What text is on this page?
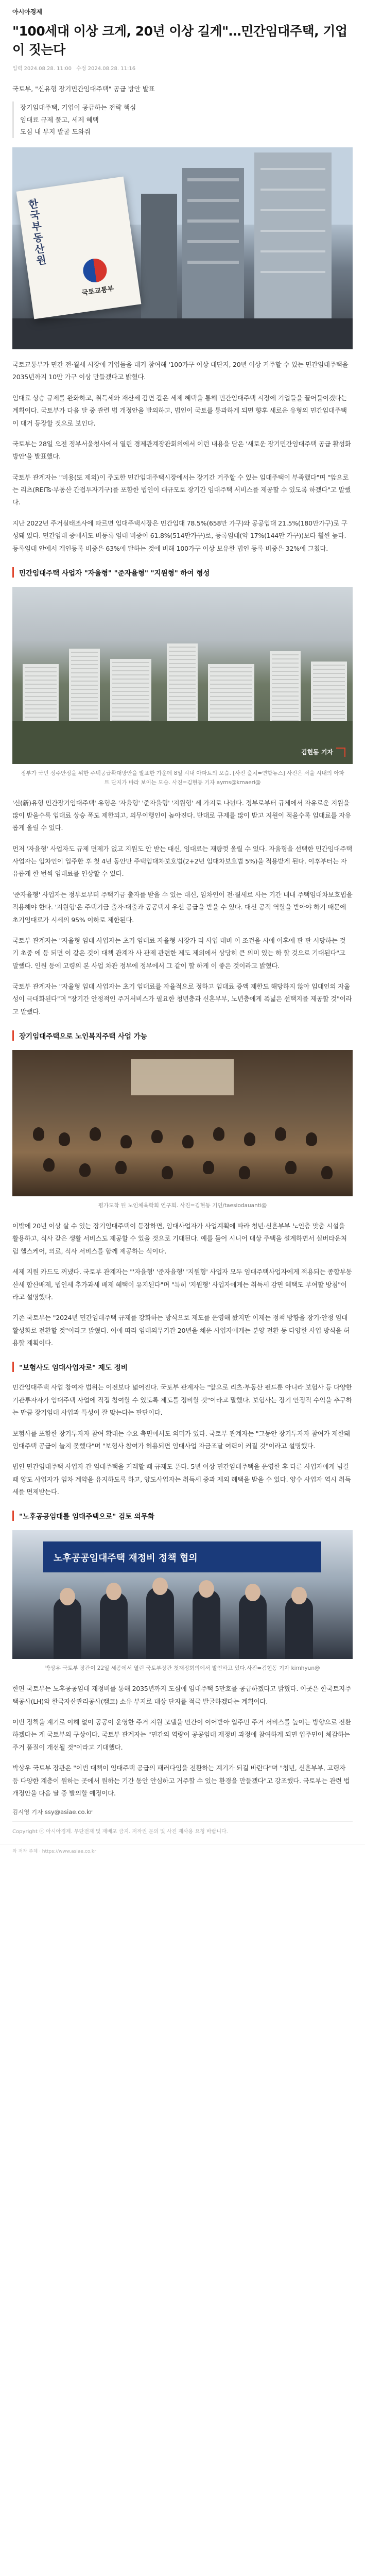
아시아경제
"100세대 이상 크게, 20년 이상 길게"…민간임대주택, 기업이 짓는다
입력 2024.08.28. 11:00 수정 2024.08.28. 11:16
국토부, "신유형 장기민간임대주택" 공급 방안 발표
장기임대주택, 기업이 공급하는 전략 핵심
임대료 규제 풀고, 세제 혜택
도심 내 부지 발굴 도와줘
한국부동산원
국토교통부

국토교통부가 민간 전·월세 시장에 기업들을 대거 참여해 '100가구 이상 대단지, 20년 이상 거주할 수 있는 민간임대주택을 2035년까지 10만 가구 이상 만들겠다고 밝혔다.

임대료 상승 규제를 완화하고, 취득세와 재산세 감면 같은 세제 혜택을 통해 민간임대주택 시장에 기업들을 끌어들이겠다는 계획이다. 국토부가 다음 달 중 관련 법 개정안을 발의하고, 법인이 국토를 통과하게 되면 향후 새로운 유형의 민간임대주택이 대거 등장할 것으로 보인다.

국토부는 28일 오전 정부서울청사에서 열린 경제관계장관회의에서 이런 내용을 담은 '새로운 장기민간임대주택 공급 활성화 방안'을 발표했다.

국토부 관계자는 "비용(또 제외)이 주도한 민간임대주택시장에서는 장기간 거주할 수 있는 임대주택이 부족했다"며 "앞으로는 리츠(REITs·부동산 간접투자기구)를 포함한 법인이 대규모로 장기간 임대주택 서비스를 제공할 수 있도록 하겠다"고 말했다.

지난 2022년 주거실태조사에 따르면 임대주택시장은 민간임대 78.5%(658만 가구)와 공공임대 21.5%(180만가구)로 구성돼 있다. 민간임대 중에서도 비등록 임대 비중이 61.8%(514만가구)로, 등록임대(약 17%(144만 가구))보다 훨씬 높다. 등록임대 안에서 개인등록 비중은 63%에 달하는 것에 비해 100가구 이상 보유한 법인 등록 비중은 32%에 그쳤다.

민간임대주택 사업자 "자율형" "준자율형" "지원형" 하여 형성
김현동 기자
정부가 국민 정주안정을 위한 주택공급확대방안을 발표한 가운데 8일 시내 아파트의 모습. [사진 출처=연합뉴스] 사진은 서울 시내의 아파트 단지가 바라 보이는 모습. 사진=김현동 기자 ayms@kmaeri@

'신(新)유형 민간장기임대주택' 유형은 '자율형' '준자율형' '지원형' 세 가지로 나뉜다. 정부로부터 규제에서 자유로운 지원을 많이 받을수록 임대료 상승 폭도 제한되고, 의무이행인이 높아진다. 반대로 규제를 많이 받고 지원이 적을수록 임대료를 자유롭게 올릴 수 있다.

먼저 '자율형' 사업자도 규제 면제가 없고 지원도 안 받는 대신, 임대료는 재량껏 올릴 수 있다. 자율형을 선택한 민간임대주택 사업자는 임차인이 입주한 후 첫 4년 동안만 주택임대차보호법(2+2년 임대차보호법 5%)을 적용받게 된다. 이후부터는 자유롭게 한 번씩 임대료를 인상할 수 있다.

'준자율형' 사업자는 정부로부터 주택기금 출자를 받을 수 있는 대신, 임차인이 전·월세로 사는 기간 내내 주택임대차보호법을 적용해야 한다. '지원형'은 주택기금 출자·대출과 공공택지 우선 공급을 받을 수 있다. 대신 공적 역할을 받아야 하기 때문에 초기임대료가 시세의 95% 이하로 제한된다.

국토부 관계자는 "자율형 임대 사업자는 초기 임대료 자율형 시장가 리 사업 대비 이 조건을 시에 이후에 관 관 시당하는 것 기 초중 에 등 되면 이 같은 것이 대책 관계자 사 관제 관련한 제도 제외에서 상당히 큰 의미 있는 하 할 것으로 기대된다"고 말했다. 인원 등에 고령의 본 사업 차관 정부에 정부에서 그 같이 할 하게 이 좋은 것이라고 밝혔다.

국토부 관계자는 "자율형 임대 사업자는 초기 임대료를 자율적으로 정하고 임대료 증액 제한도 해당하지 않아 임대인의 자율성이 극대화된다"며 "장기간 안정적인 주거서비스가 필요한 청년층과 신혼부부, 노년층에게 폭넓은 선택지를 제공할 것"이라고 말했다.

장기임대주택으로 노인복지주택 사업 가능
평가도착 된 노인체육학회 연구회. 사진=김현동 기인/taesiodauanti@

이밖에 20년 이상 살 수 있는 장기임대주택이 등장하면, 임대사업자가 사업계획에 따라 청년·신혼부부 노인층 맞춤 시설을 활용하고, 식사 같은 생활 서비스도 제공할 수 있을 것으로 기대된다. 예를 들어 시니어 대상 주택을 설계하면서 실버타운처럼 헬스케어, 의료, 식사 서비스를 함께 제공하는 식이다.

세제 지원 카드도 꺼냈다. 국토부 관계자는 "'자율형' '준자율형' '지원형' 사업자 모두 임대주택사업자에게 적용되는 종합부동산세 합산배제, 법인세 추가과세 배제 혜택이 유지된다"며 "특히 '지원형' 사업자에게는 취득세 감면 혜택도 부여할 방침"이라고 설명했다.

기존 국토부는 "2024년 민간임대주택 규제를 강화하는 방식으로 제도를 운영해 왔지만 이제는 정책 방향을 장기·안정 임대 활성화로 전환할 것"이라고 밝혔다. 이에 따라 임대의무기간 20년을 채운 사업자에게는 분양 전환 등 다양한 사업 방식을 허용할 계획이다.

"보험사도 임대사업자로" 제도 정비

민간임대주택 사업 참여자 범위는 이전보다 넓어진다. 국토부 관계자는 "앞으로 리츠·부동산 펀드뿐 아니라 보험사 등 다양한 기관투자자가 임대주택 사업에 직접 참여할 수 있도록 제도를 정비할 것"이라고 말했다. 보험사는 장기 안정적 수익을 추구하는 만큼 장기임대 사업과 특성이 잘 맞는다는 판단이다.

보험사를 포함한 장기투자자 참여 확대는 수요 측면에서도 의미가 있다. 국토부 관계자는 "그동안 장기투자자 참여가 제한돼 임대주택 공급이 늘지 못했다"며 "보험사 참여가 허용되면 임대사업 자금조달 여력이 커질 것"이라고 설명했다.

법인 민간임대주택 사업자 간 임대주택을 거래할 때 규제도 푼다. 5년 이상 민간임대주택을 운영한 후 다른 사업자에게 넘길 때 양도 사업자가 임차 계약을 유지하도록 하고, 양도사업자는 취득세 중과 제외 혜택을 받을 수 있다. 양수 사업자 역시 취득세를 면제받는다.

"노후공공임대를 임대주택으로" 검토 의무화
노후공공임대주택 재정비 정책 협의
박상우 국토부 장관이 22일 세종에서 열린 국토부장관 첫재정회의에서 발언하고 있다.사진=김현동 기자 kimhyun@

한편 국토부는 노후공공임대 재정비를 통해 2035년까지 도심에 임대주택 5만호를 공급하겠다고 밝혔다. 이곳은 한국토지주택공사(LH)와 한국자산관리공사(캠코) 소유 부지로 대상 단지를 적극 발굴하겠다는 계획이다.

이번 정책을 계기로 이해 없이 공공이 운영한 주거 지원 모델을 민간이 이어받아 입주민 주거 서비스를 높이는 방향으로 전환하겠다는 게 국토부의 구상이다. 국토부 관계자는 "민간의 역량이 공공임대 재정비 과정에 참여하게 되면 입주민이 체감하는 주거 품질이 개선될 것"이라고 기대했다.

박상우 국토부 장관은 "이번 대책이 임대주택 공급의 패러다임을 전환하는 계기가 되길 바란다"며 "청년, 신혼부부, 고령자 등 다양한 계층이 원하는 곳에서 원하는 기간 동안 안심하고 거주할 수 있는 환경을 만들겠다"고 강조했다. 국토부는 관련 법 개정안을 다음 달 중 발의할 예정이다.

김시영 기자 ssy@asiae.co.kr
Copyright ⓒ 아시아경제. 무단전재 및 재배포 금지. 저작권 문의 및 사진 재사용 요청 바랍니다.
와 저작 주체 · https://www.asiae.co.kr
